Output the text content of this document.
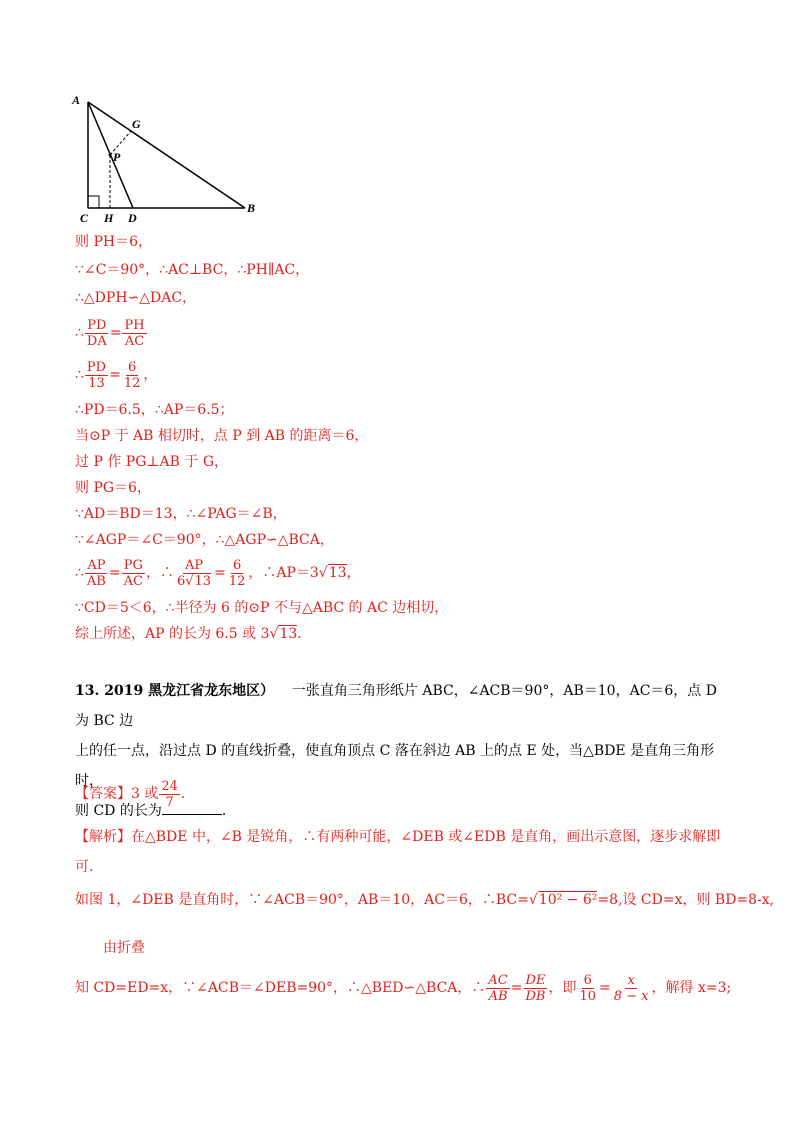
A
G
P
C H D
B
则 PH＝6，
∵∠C＝90°，∴AC⊥BC，∴PH∥AC，
∴△DPH∽△DAC，
∴ $\frac{PD}{DA} = \frac{PH}{AC}$
∴ $\frac{PD}{13} = \frac{6}{12}$ ，
∴PD＝6.5，∴AP＝6.5；
当⊙P 于 AB 相切时，点 P 到 AB 的距离＝6，
过 P 作 PG⊥AB 于 G，
则 PG＝6，
∵AD＝BD＝13，∴∠PAG＝∠B，
∵∠AGP＝∠C＝90°，∴△AGP∽△BCA，
∴ $\frac{AP}{AB} = \frac{PG}{AC}$ ，∴ $\frac{AP}{6√13} = \frac{6}{12}$ ，∴AP＝3√13，
∵CD＝5＜6，∴半径为 6 的⊙P 不与△ABC 的 AC 边相切，
综上所述，AP 的长为 6.5 或 3√13．
13. 2019 黑龙江省龙东地区） 一张直角三角形纸片 ABC，∠ACB＝90°，AB＝10，AC＝6，点 D 为 BC 边
上的任一点，沿过点 D 的直线折叠，使直角顶点 C 落在斜边 AB 上的点 E 处，当△BDE 是直角三角形时，
则 CD 的长为	．
【答案】3 或 $\frac{24}{7}$ .
【解析】在△BDE 中，∠B 是锐角，∴有两种可能，∠DEB 或∠EDB 是直角，画出示意图，逐步求解即
可.
如图 1，∠DEB 是直角时，∵∠ACB＝90°，AB＝10，AC＝6，∴BC=√10² − 6²=8,设 CD=x，则 BD=8-x,
由折叠
知 CD=ED=x，∵∠ACB＝∠DEB=90°，∴△BED∽△BCA，∴ $\frac{AC}{AB} = \frac{DE}{DB}$ ，即 $\frac{6}{10} = \frac{x}{8 - x}$ ，解得 x=3;
